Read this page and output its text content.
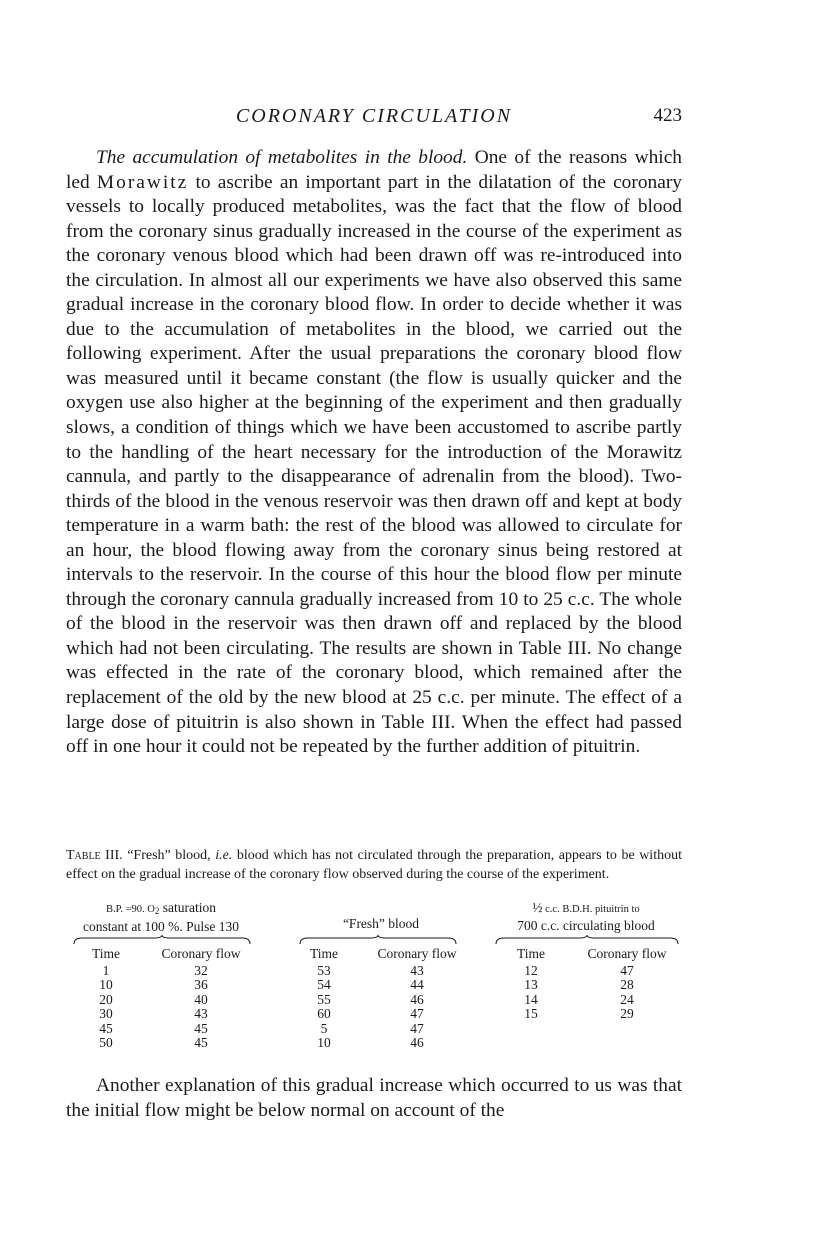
CORONARY CIRCULATION	423

The accumulation of metabolites in the blood. One of the reasons which led Morawitz to ascribe an important part in the dilatation of the coronary vessels to locally produced metabolites, was the fact that the flow of blood from the coronary sinus gradually increased in the course of the experiment as the coronary venous blood which had been drawn off was re-introduced into the circulation. In almost all our experiments we have also observed this same gradual increase in the coronary blood flow. In order to decide whether it was due to the accumulation of metabolites in the blood, we carried out the following experiment. After the usual preparations the coronary blood flow was measured until it became constant (the flow is usually quicker and the oxygen use also higher at the beginning of the experiment and then gradually slows, a condition of things which we have been accustomed to ascribe partly to the handling of the heart necessary for the introduction of the Morawitz cannula, and partly to the disappearance of adrenalin from the blood). Two-thirds of the blood in the venous reservoir was then drawn off and kept at body temperature in a warm bath: the rest of the blood was allowed to circulate for an hour, the blood flowing away from the coronary sinus being restored at intervals to the reservoir. In the course of this hour the blood flow per minute through the coronary cannula gradually increased from 10 to 25 c.c. The whole of the blood in the reservoir was then drawn off and replaced by the blood which had not been circulating. The results are shown in Table III. No change was effected in the rate of the coronary blood, which remained after the replacement of the old by the new blood at 25 c.c. per minute. The effect of a large dose of pituitrin is also shown in Table III. When the effect had passed off in one hour it could not be repeated by the further addition of pituitrin.

Table III. “Fresh” blood, i.e. blood which has not circulated through the preparation, appears to be without effect on the gradual increase of the coronary flow observed during the course of the experiment.
B.P. =90. $O_2$ saturation
constant at 100 %. Pulse 130
Time
1
10
20
30
45
50
Coronary flow
32
36
40
43
45
45

“Fresh” blood
Time
53
54
55
60
5
10
Coronary flow
43
44
46
47
47
46
½ c.c. B.D.H. pituitrin to
700 c.c. circulating blood
Time
12
13
14
15
Coronary flow
47
28
24
29

Another explanation of this gradual increase which occurred to us was that the initial flow might be below normal on account of the
